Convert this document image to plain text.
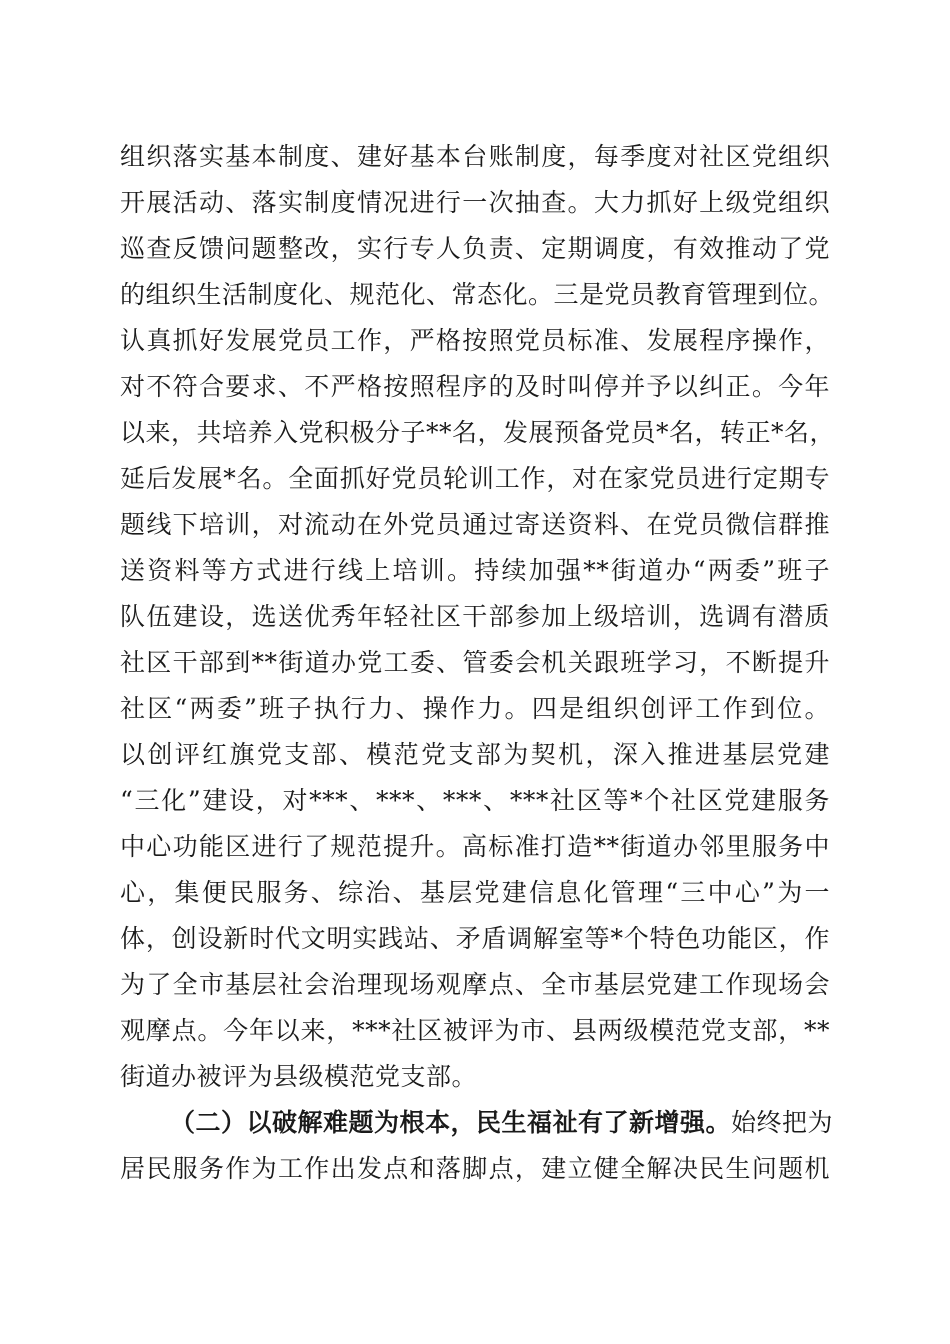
组织落实基本制度、建好基本台账制度，每季度对社区党组织
开展活动、落实制度情况进行一次抽查。大力抓好上级党组织
巡查反馈问题整改，实行专人负责、定期调度，有效推动了党
的组织生活制度化、规范化、常态化。三是党员教育管理到位。
认真抓好发展党员工作，严格按照党员标准、发展程序操作，
对不符合要求、不严格按照程序的及时叫停并予以纠正。今年
以来，共培养入党积极分子**名，发展预备党员*名，转正*名，
延后发展*名。全面抓好党员轮训工作，对在家党员进行定期专
题线下培训，对流动在外党员通过寄送资料、在党员微信群推
送资料等方式进行线上培训。持续加强**街道办“两委”班子
队伍建设，选送优秀年轻社区干部参加上级培训，选调有潜质
社区干部到**街道办党工委、管委会机关跟班学习，不断提升
社区“两委”班子执行力、操作力。四是组织创评工作到位。
以创评红旗党支部、模范党支部为契机，深入推进基层党建
“三化”建设，对***、***、***、***社区等*个社区党建服务
中心功能区进行了规范提升。高标准打造**街道办邻里服务中
心，集便民服务、综治、基层党建信息化管理“三中心”为一
体，创设新时代文明实践站、矛盾调解室等*个特色功能区，作
为了全市基层社会治理现场观摩点、全市基层党建工作现场会
观摩点。今年以来，***社区被评为市、县两级模范党支部，**
街道办被评为县级模范党支部。
（二）以破解难题为根本，民生福祉有了新增强。始终把为
居民服务作为工作出发点和落脚点，建立健全解决民生问题机
